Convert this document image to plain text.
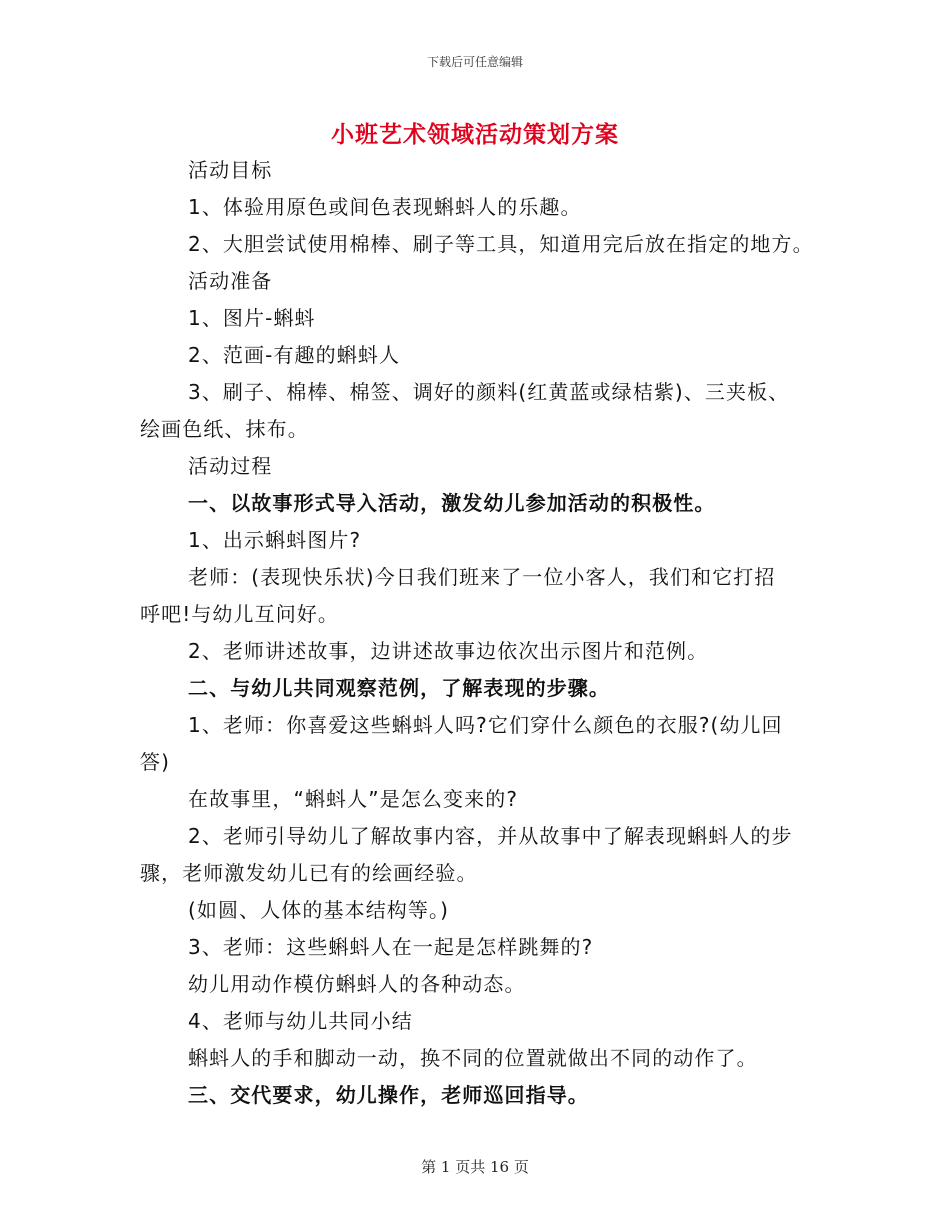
下载后可任意编辑
小班艺术领域活动策划方案
活动目标
1、体验用原色或间色表现蝌蚪人的乐趣。
2、大胆尝试使用棉棒、刷子等工具，知道用完后放在指定的地方。
活动准备
1、图片-蝌蚪
2、范画-有趣的蝌蚪人
3、刷子、棉棒、棉签、调好的颜料(红黄蓝或绿桔紫)、三夹板、
绘画色纸、抹布。
活动过程
一、以故事形式导入活动，激发幼儿参加活动的积极性。
1、出示蝌蚪图片?
老师：(表现快乐状)今日我们班来了一位小客人，我们和它打招
呼吧!与幼儿互问好。
2、老师讲述故事，边讲述故事边依次出示图片和范例。
二、与幼儿共同观察范例，了解表现的步骤。
1、老师：你喜爱这些蝌蚪人吗?它们穿什么颜色的衣服?(幼儿回
答)
在故事里，“蝌蚪人”是怎么变来的?
2、老师引导幼儿了解故事内容，并从故事中了解表现蝌蚪人的步
骤，老师激发幼儿已有的绘画经验。
(如圆、人体的基本结构等。)
3、老师：这些蝌蚪人在一起是怎样跳舞的?
幼儿用动作模仿蝌蚪人的各种动态。
4、老师与幼儿共同小结
蝌蚪人的手和脚动一动，换不同的位置就做出不同的动作了。
三、交代要求，幼儿操作，老师巡回指导。
第 1 页共 16 页
